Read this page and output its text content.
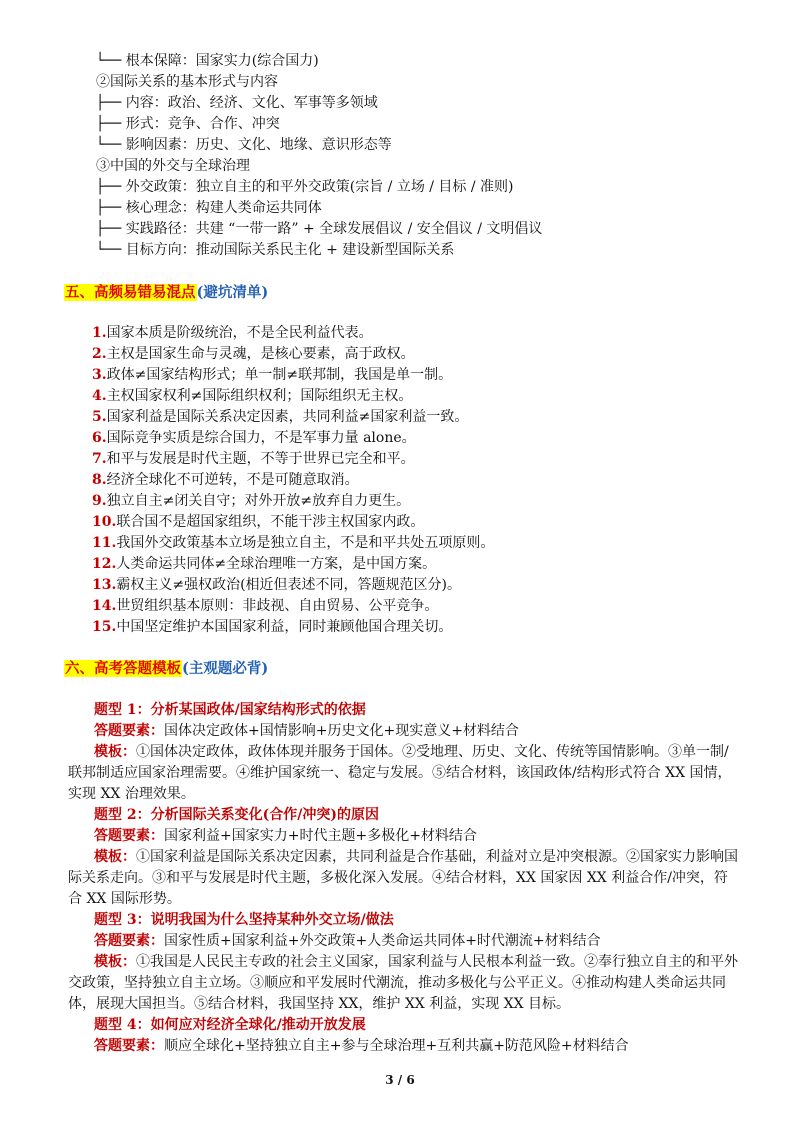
└── 根本保障：国家实力(综合国力)
②国际关系的基本形式与内容
├── 内容：政治、经济、文化、军事等多领域
├── 形式：竞争、合作、冲突
└── 影响因素：历史、文化、地缘、意识形态等
③中国的外交与全球治理
├── 外交政策：独立自主的和平外交政策(宗旨 / 立场 / 目标 / 准则)
├── 核心理念：构建人类命运共同体
├── 实践路径：共建 “一带一路” + 全球发展倡议 / 安全倡议 / 文明倡议
└── 目标方向：推动国际关系民主化 + 建设新型国际关系
五、高频易错易混点(避坑清单)
1.国家本质是阶级统治，不是全民利益代表。
2.主权是国家生命与灵魂，是核心要素，高于政权。
3.政体≠国家结构形式；单一制≠联邦制，我国是单一制。
4.主权国家权利≠国际组织权利；国际组织无主权。
5.国家利益是国际关系决定因素，共同利益≠国家利益一致。
6.国际竞争实质是综合国力，不是军事力量 alone。
7.和平与发展是时代主题，不等于世界已完全和平。
8.经济全球化不可逆转，不是可随意取消。
9.独立自主≠闭关自守；对外开放≠放弃自力更生。
10.联合国不是超国家组织，不能干涉主权国家内政。
11.我国外交政策基本立场是独立自主，不是和平共处五项原则。
12.人类命运共同体≠全球治理唯一方案，是中国方案。
13.霸权主义≠强权政治(相近但表述不同，答题规范区分)。
14.世贸组织基本原则：非歧视、自由贸易、公平竞争。
15.中国坚定维护本国国家利益，同时兼顾他国合理关切。
六、高考答题模板(主观题必背)
题型 1：分析某国政体/国家结构形式的依据
答题要素：国体决定政体+国情影响+历史文化+现实意义+材料结合
模板：①国体决定政体，政体体现并服务于国体。②受地理、历史、文化、传统等国情影响。③单一制/联邦制适应国家治理需要。④维护国家统一、稳定与发展。⑤结合材料，该国政体/结构形式符合 XX 国情，实现 XX 治理效果。
题型 2：分析国际关系变化(合作/冲突)的原因
答题要素：国家利益+国家实力+时代主题+多极化+材料结合
模板：①国家利益是国际关系决定因素，共同利益是合作基础，利益对立是冲突根源。②国家实力影响国际关系走向。③和平与发展是时代主题，多极化深入发展。④结合材料，XX 国家因 XX 利益合作/冲突，符合 XX 国际形势。
题型 3：说明我国为什么坚持某种外交立场/做法
答题要素：国家性质+国家利益+外交政策+人类命运共同体+时代潮流+材料结合
模板：①我国是人民民主专政的社会主义国家，国家利益与人民根本利益一致。②奉行独立自主的和平外交政策，坚持独立自主立场。③顺应和平发展时代潮流，推动多极化与公平正义。④推动构建人类命运共同体，展现大国担当。⑤结合材料，我国坚持 XX，维护 XX 利益，实现 XX 目标。
题型 4：如何应对经济全球化/推动开放发展
答题要素：顺应全球化+坚持独立自主+参与全球治理+互利共赢+防范风险+材料结合
3 / 6
